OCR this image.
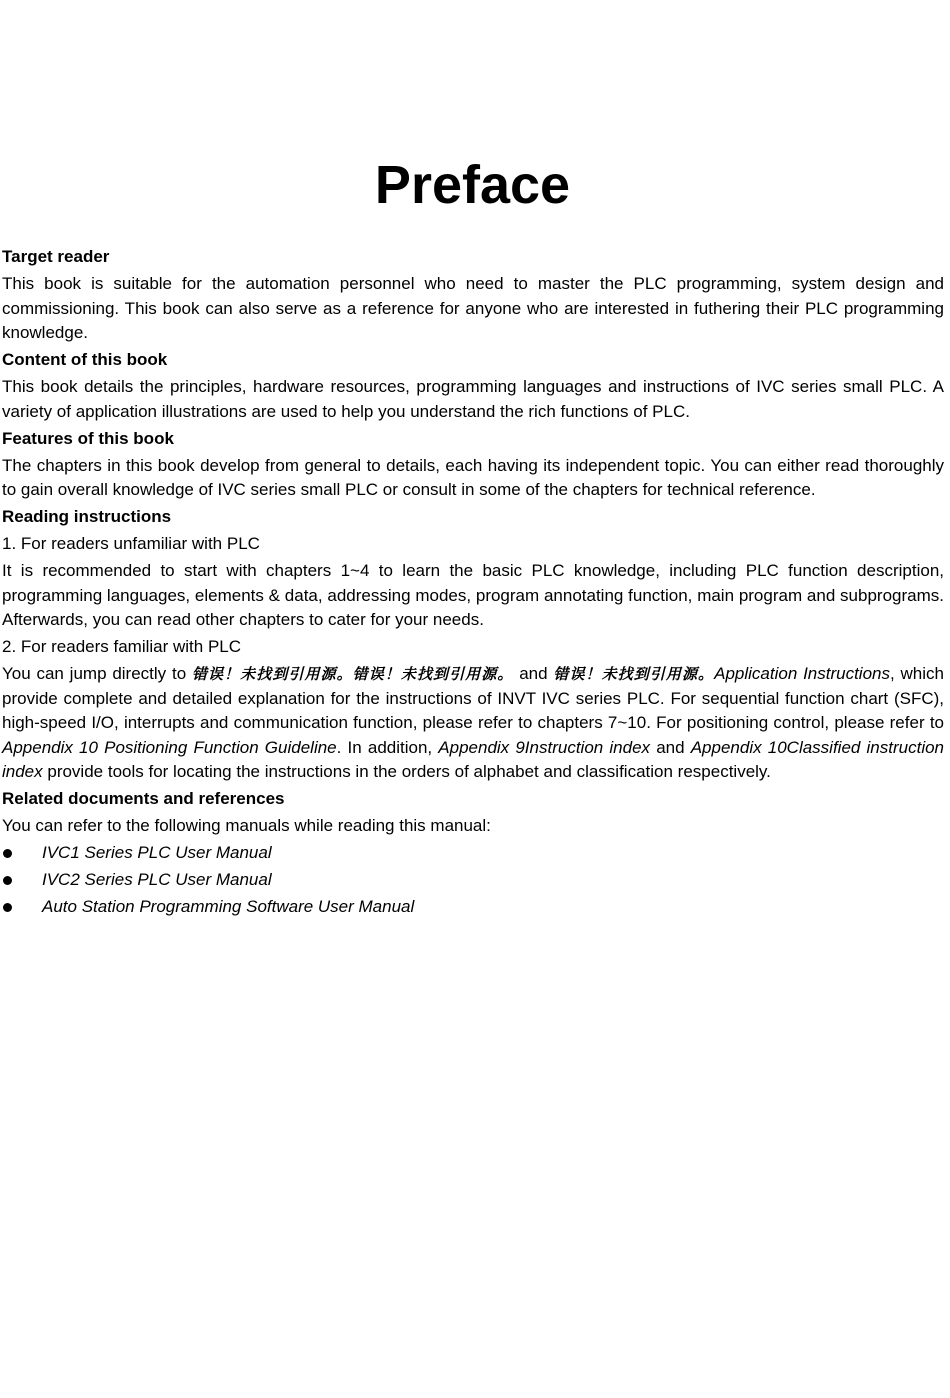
Preface
Target reader
This book is suitable for the automation personnel who need to master the PLC programming, system design and commissioning. This book can also serve as a reference for anyone who are interested in futhering their PLC programming knowledge.
Content of this book
This book details the principles, hardware resources, programming languages and instructions of IVC series small PLC. A variety of application illustrations are used to help you understand the rich functions of PLC.
Features of this book
The chapters in this book develop from general to details, each having its independent topic. You can either read thoroughly to gain overall knowledge of IVC series small PLC or consult in some of the chapters for technical reference.
Reading instructions
1. For readers unfamiliar with PLC
It is recommended to start with chapters 1~4 to learn the basic PLC knowledge, including PLC function description, programming languages, elements & data, addressing modes, program annotating function, main program and subprograms. Afterwards, you can read other chapters to cater for your needs.
2. For readers familiar with PLC
You can jump directly to 错误！未找到引用源。错误！未找到引用源。 and 错误！未找到引用源。Application Instructions, which provide complete and detailed explanation for the instructions of INVT IVC series PLC. For sequential function chart (SFC), high-speed I/O, interrupts and communication function, please refer to chapters 7~10. For positioning control, please refer to Appendix 10 Positioning Function Guideline. In addition, Appendix 9Instruction index and Appendix 10Classified instruction index provide tools for locating the instructions in the orders of alphabet and classification respectively.
Related documents and references
You can refer to the following manuals while reading this manual:
IVC1 Series PLC User Manual
IVC2 Series PLC User Manual
Auto Station Programming Software User Manual
